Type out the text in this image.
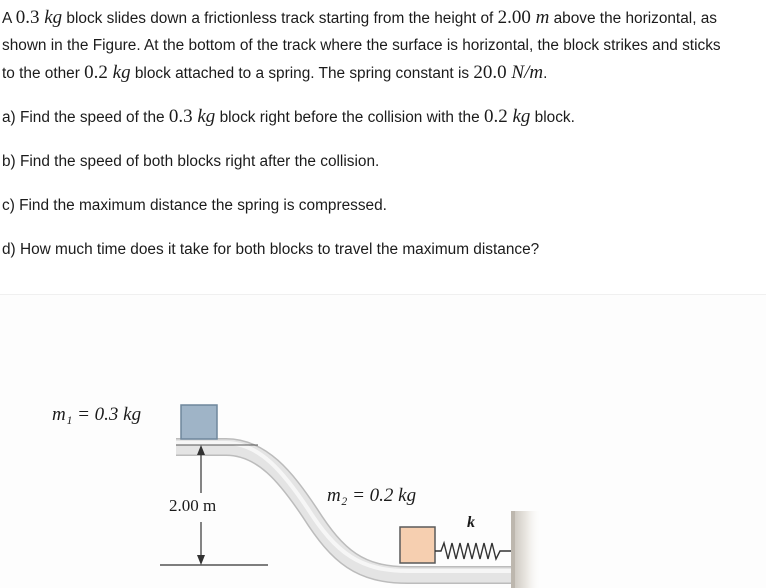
A 0.3 kg block slides down a frictionless track starting from the height of 2.00 m above the horizontal, as

shown in the Figure. At the bottom of the track where the surface is horizontal, the block strikes and sticks

to the other 0.2 kg block attached to a spring. The spring constant is 20.0 N/m.

a) Find the speed of the 0.3 kg block right before the collision with the 0.2 kg block.

b) Find the speed of both blocks right after the collision.

c) Find the maximum distance the spring is compressed.

d) How much time does it take for both blocks to travel the maximum distance?

m₁ = 0.3 kg
2.00 m	m₂ = 0.2 kg
k
